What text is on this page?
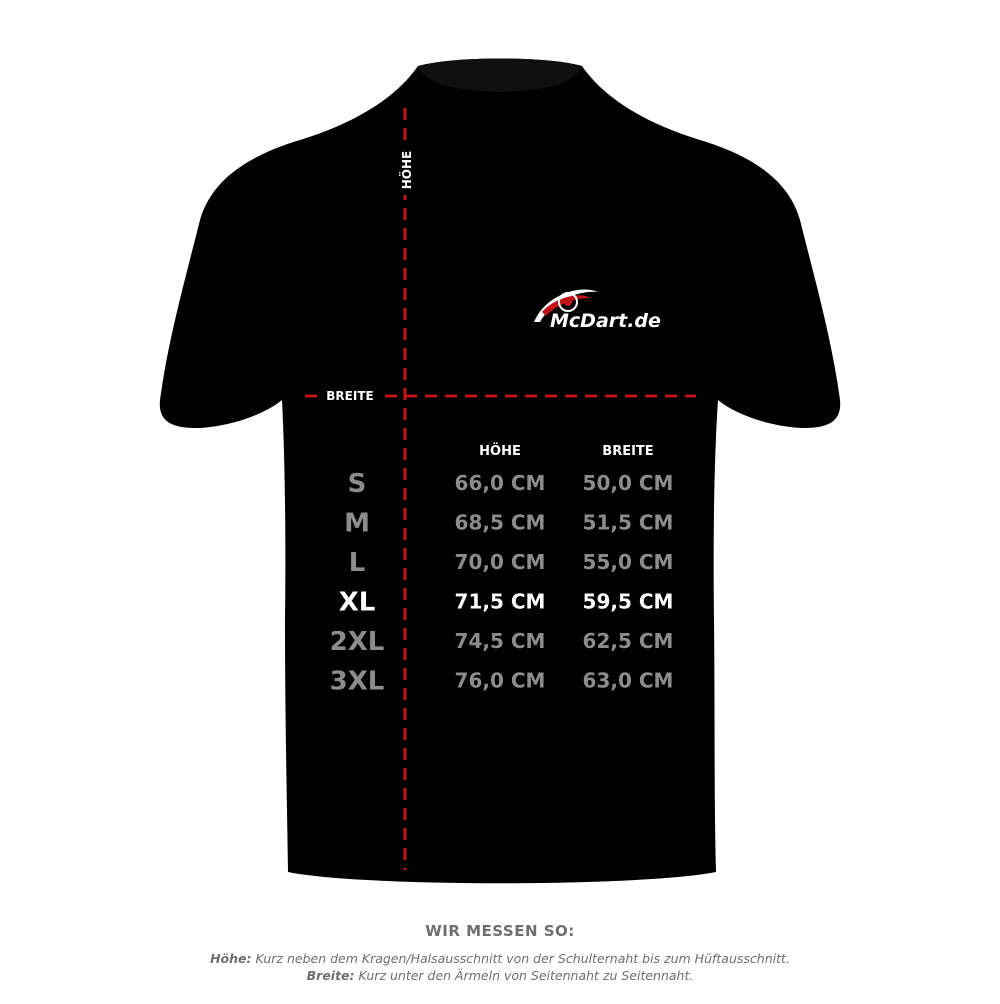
HÖHE
BREITE
McDart.de
HÖHE	BREITE
S	66,0 CM 50,0 CM
M	68,5 CM 51,5 CM
L	70,0 CM 55,0 CM
XL	71,5 CM 59,5 CM
2XL	74,5 CM 62,5 CM
3XL	76,0 CM 63,0 CM
WIR MESSEN SO:
Höhe: Kurz neben dem Kragen/Halsausschnitt von der Schulternaht bis zum Hüftausschnitt.
Breite: Kurz unter den Ärmeln von Seitennaht zu Seitennaht.
